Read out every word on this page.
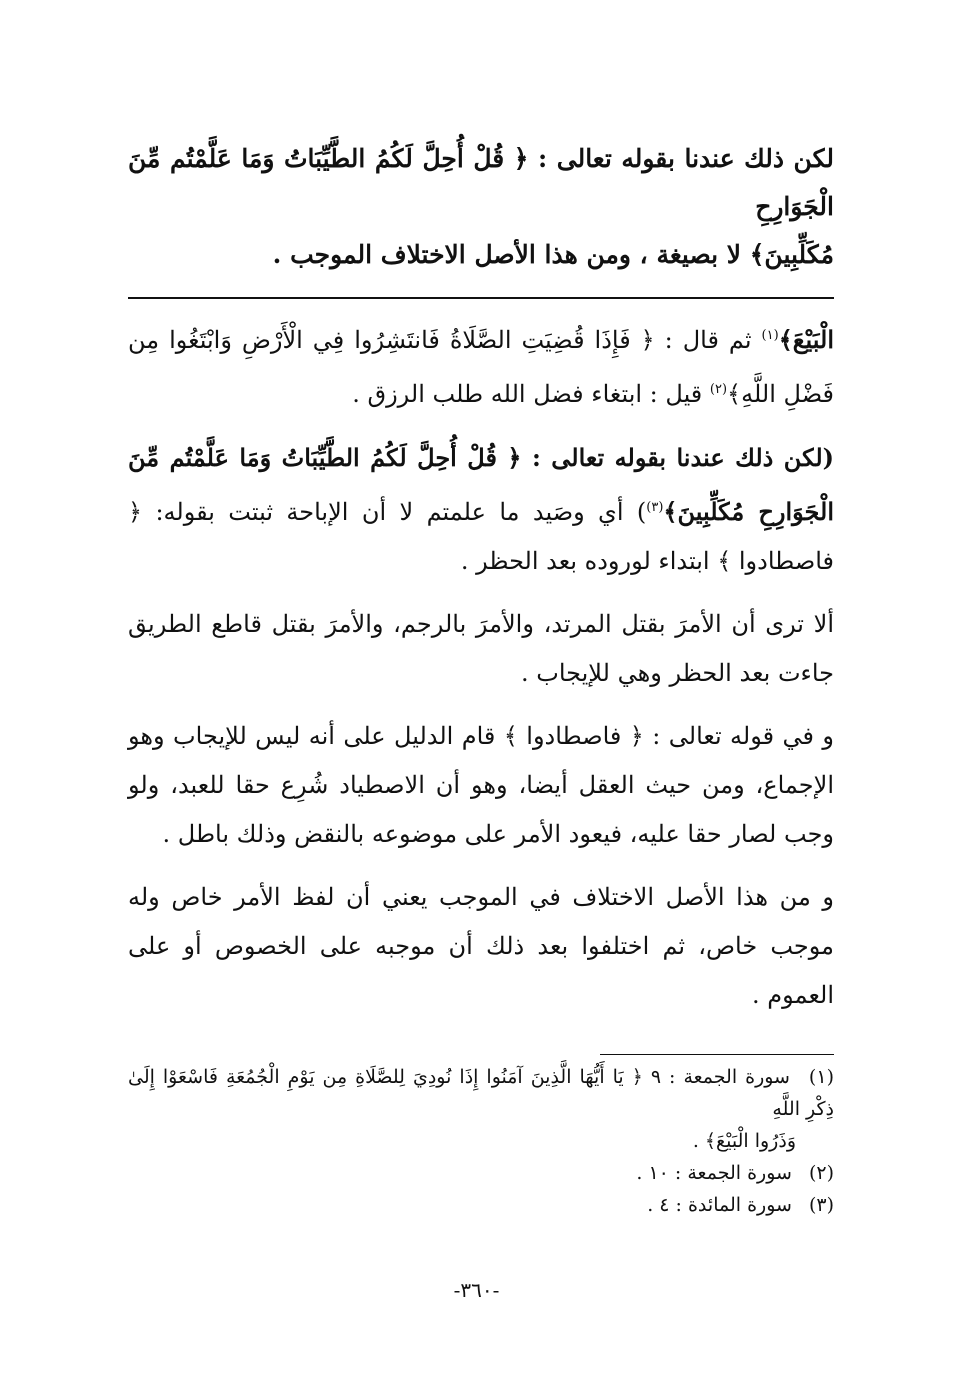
لكن ذلك عندنا بقوله تعالى : ﴿ قُلْ أُحِلَّ لَكُمُ الطَّيِّبَاتُ وَمَا عَلَّمْتُم مِّنَ الْجَوَارِحِ

مُكَلِّبِينَ﴾ لا بصيغة ، ومن هذا الأصل الاختلاف الموجب .

الْبَيْعَ﴾$^{(١)}$ ثم قال : ﴿ فَإِذَا قُضِيَتِ الصَّلَاةُ فَانتَشِرُوا فِي الْأَرْضِ وَابْتَغُوا مِن فَضْلِ اللَّهِ﴾$^{(٢)}$ قيل : ابتغاء فضل الله طلب الرزق .

(لكن ذلك عندنا بقوله تعالى : ﴿ قُلْ أُحِلَّ لَكُمُ الطَّيِّبَاتُ وَمَا عَلَّمْتُم مِّنَ الْجَوَارِحِ مُكَلِّبِينَ﴾$^{(٣)}$) أي وصَيد ما علمتم لا أن الإباحة ثبتت بقوله: ﴿ فاصطادوا ﴾ ابتداء لوروده بعد الحظر .

ألا ترى أن الأمرَ بقتل المرتد، والأمرَ بالرجم، والأمرَ بقتل قاطع الطريق جاءت بعد الحظر وهي للإيجاب .

و في قوله تعالى : ﴿ فاصطادوا ﴾ قام الدليل على أنه ليس للإيجاب وهو الإجماع، ومن حيث العقل أيضا، وهو أن الاصطياد شُرِع حقا للعبد، ولو وجب لصار حقا عليه، فيعود الأمر على موضوعه بالنقض وذلك باطل .

و من هذا الأصل الاختلاف في الموجب يعني أن لفظ الأمر خاص وله موجب خاص، ثم اختلفوا بعد ذلك أن موجبه على الخصوص أو على العموم .

(١) سورة الجمعة : ٩ ﴿ يَا أَيُّهَا الَّذِينَ آمَنُوا إِذَا نُودِيَ لِلصَّلَاةِ مِن يَوْمِ الْجُمُعَةِ فَاسْعَوْا إِلَىٰ ذِكْرِ اللَّهِ

وَذَرُوا الْبَيْعَ﴾ .

(٢) سورة الجمعة : ١٠ .

(٣) سورة المائدة : ٤ .

-٣٦٠-
